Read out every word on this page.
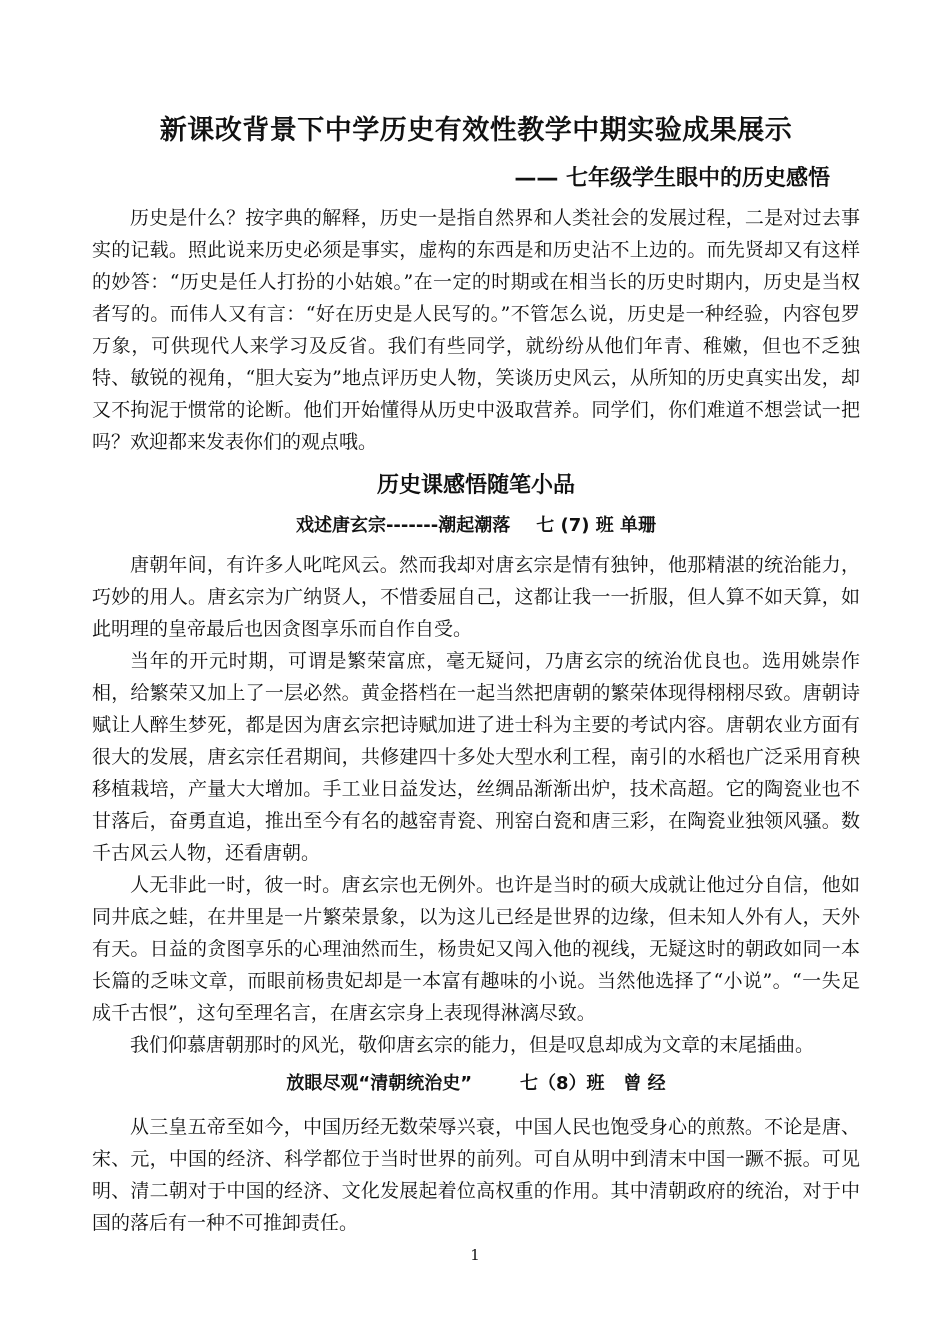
新课改背景下中学历史有效性教学中期实验成果展示
—— 七年级学生眼中的历史感悟

历史是什么？按字典的解释，历史一是指自然界和人类社会的发展过程，二是对过去事实的记载。照此说来历史必须是事实，虚构的东西是和历史沾不上边的。而先贤却又有这样的妙答：“历史是任人打扮的小姑娘。”在一定的时期或在相当长的历史时期内，历史是当权者写的。而伟人又有言：“好在历史是人民写的。”不管怎么说，历史是一种经验，内容包罗万象，可供现代人来学习及反省。我们有些同学，就纷纷从他们年青、稚嫩，但也不乏独特、敏锐的视角，“胆大妄为”地点评历史人物，笑谈历史风云，从所知的历史真实出发，却又不拘泥于惯常的论断。他们开始懂得从历史中汲取营养。同学们，你们难道不想尝试一把吗？欢迎都来发表你们的观点哦。

历史课感悟随笔小品
戏述唐玄宗-------潮起潮落 七 (7) 班 单珊

唐朝年间，有许多人叱咤风云。然而我却对唐玄宗是情有独钟，他那精湛的统治能力，巧妙的用人。唐玄宗为广纳贤人，不惜委屈自己，这都让我一一折服，但人算不如天算，如此明理的皇帝最后也因贪图享乐而自作自受。

当年的开元时期，可谓是繁荣富庶，毫无疑问，乃唐玄宗的统治优良也。选用姚崇作相，给繁荣又加上了一层必然。黄金搭档在一起当然把唐朝的繁荣体现得栩栩尽致。唐朝诗赋让人醉生梦死，都是因为唐玄宗把诗赋加进了进士科为主要的考试内容。唐朝农业方面有很大的发展，唐玄宗任君期间，共修建四十多处大型水利工程，南引的水稻也广泛采用育秧移植栽培，产量大大增加。手工业日益发达，丝绸品渐渐出炉，技术高超。它的陶瓷业也不甘落后，奋勇直追，推出至今有名的越窑青瓷、刑窑白瓷和唐三彩，在陶瓷业独领风骚。数千古风云人物，还看唐朝。

人无非此一时，彼一时。唐玄宗也无例外。也许是当时的硕大成就让他过分自信，他如同井底之蛙，在井里是一片繁荣景象，以为这儿已经是世界的边缘，但未知人外有人，天外有天。日益的贪图享乐的心理油然而生，杨贵妃又闯入他的视线，无疑这时的朝政如同一本长篇的乏味文章，而眼前杨贵妃却是一本富有趣味的小说。当然他选择了“小说”。“一失足成千古恨”，这句至理名言，在唐玄宗身上表现得淋漓尽致。

我们仰慕唐朝那时的风光，敬仰唐玄宗的能力，但是叹息却成为文章的末尾插曲。

放眼尽观“清朝统治史”	七（8）班   曾 经

从三皇五帝至如今，中国历经无数荣辱兴衰，中国人民也饱受身心的煎熬。不论是唐、宋、元，中国的经济、科学都位于当时世界的前列。可自从明中到清末中国一蹶不振。可见明、清二朝对于中国的经济、文化发展起着位高权重的作用。其中清朝政府的统治，对于中国的落后有一种不可推卸责任。

1
